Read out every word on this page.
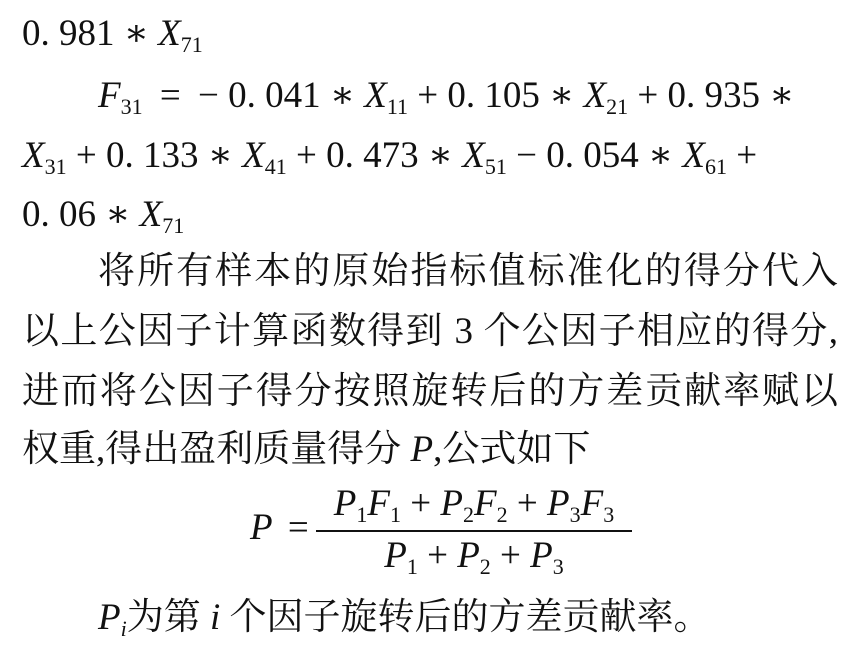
0. 981 ∗ $X_{71}$
$F_{31}$ = − 0. 041 ∗ $X_{11} + 0$. 105 ∗ $X_{21} + 0$. 935 ∗
$X_{31} + 0$. 133 ∗ $X_{41} + 0$. 473 ∗ $X_{51} - 0$. 054 ∗ $X_{61}$ +
0. 06 ∗ $X_{71}$
将所有样本的原始指标值标准化的得分代入
以上公因子计算函数得到 3 个公因子相应的得分,
进而将公因子得分按照旋转后的方差贡献率赋以
权重,得出盈利质量得分 P,公式如下
P =
$P_1F_1 + P_2F_2 + P_3F_3$
$P_1 + P_2 + P_3$
$P_i$为第 i 个因子旋转后的方差贡献率。
